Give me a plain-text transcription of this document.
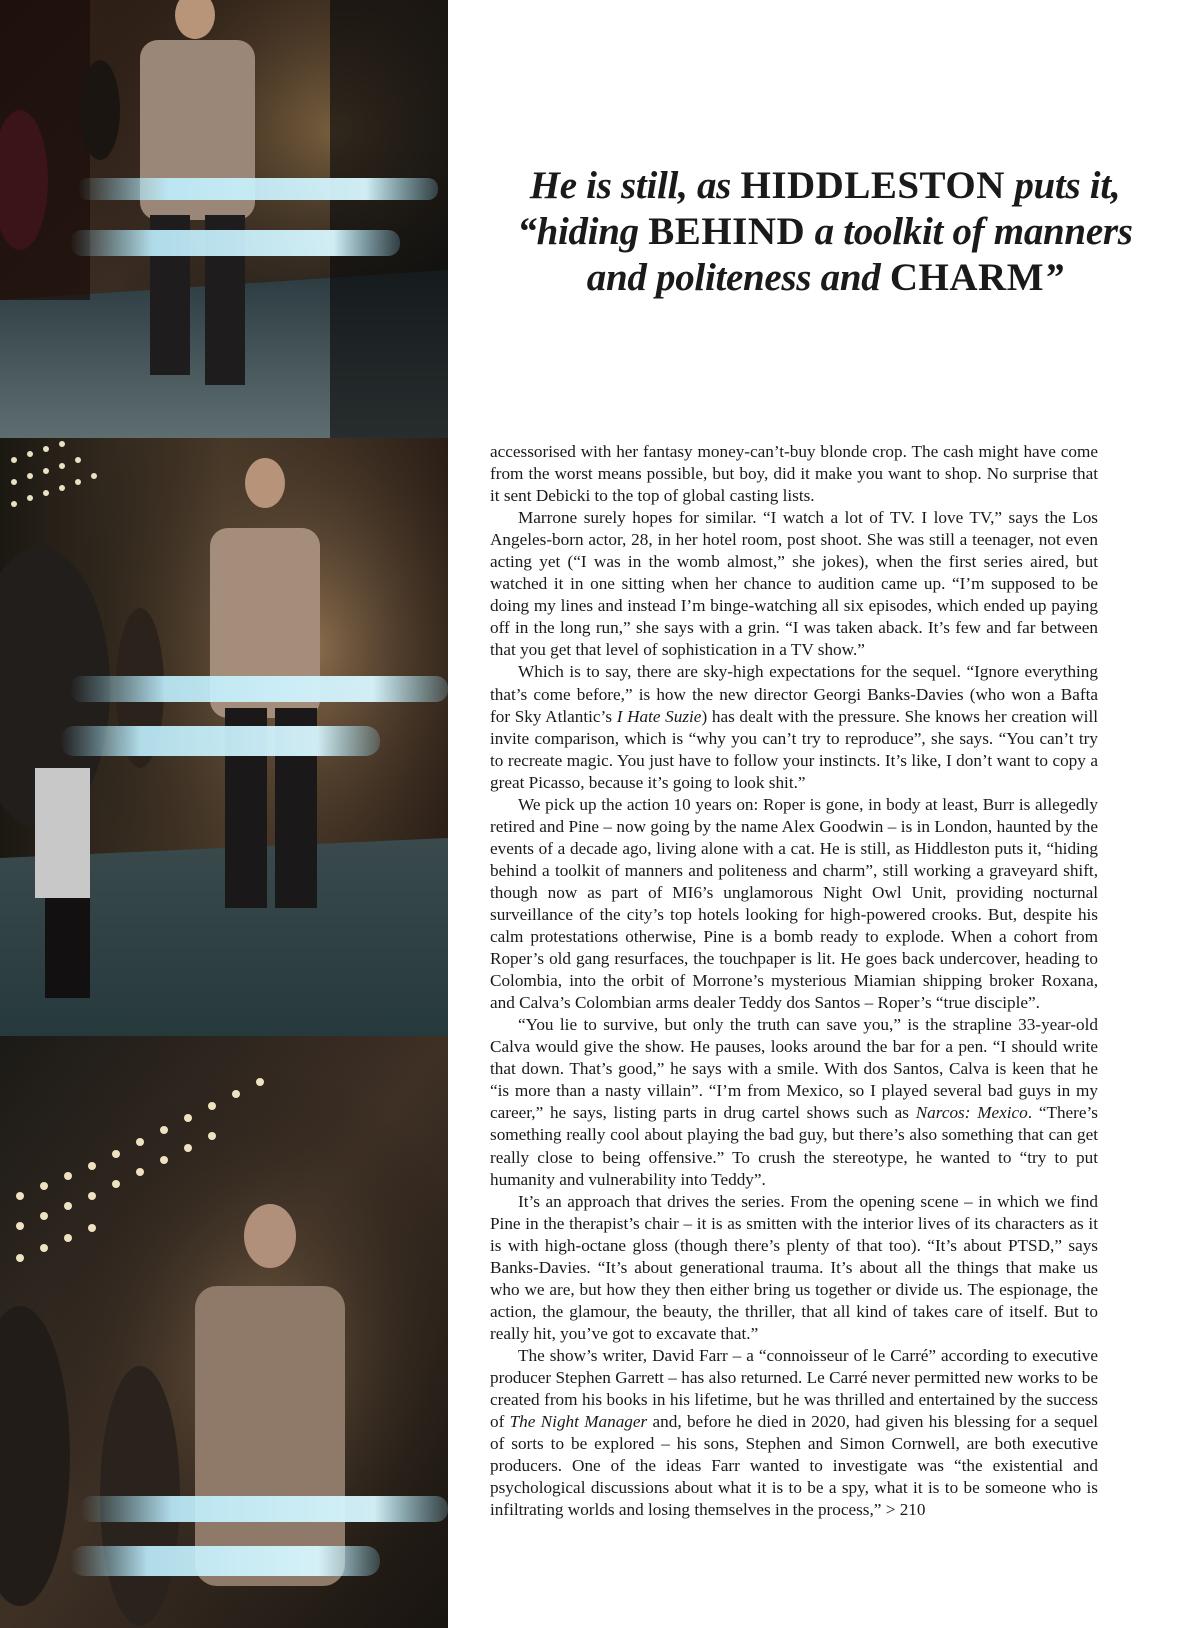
He is still, as HIDDLESTON puts it,
“hiding BEHIND a toolkit of manners
and politeness and CHARM”

accessorised with her fantasy money-can’t-buy blonde crop. The cash might have come from the worst means possible, but boy, did it make you want to shop. No surprise that it sent Debicki to the top of global casting lists.

Marrone surely hopes for similar. “I watch a lot of TV. I love TV,” says the Los Angeles-born actor, 28, in her hotel room, post shoot. She was still a teenager, not even acting yet (“I was in the womb almost,” she jokes), when the first series aired, but watched it in one sitting when her chance to audition came up. “I’m supposed to be doing my lines and instead I’m binge-watching all six episodes, which ended up paying off in the long run,” she says with a grin. “I was taken aback. It’s few and far between that you get that level of sophistication in a TV show.”

Which is to say, there are sky-high expectations for the sequel. “Ignore everything that’s come before,” is how the new director Georgi Banks-Davies (who won a Bafta for Sky Atlantic’s I Hate Suzie) has dealt with the pressure. She knows her creation will invite comparison, which is “why you can’t try to reproduce”, she says. “You can’t try to recreate magic. You just have to follow your instincts. It’s like, I don’t want to copy a great Picasso, because it’s going to look shit.”

We pick up the action 10 years on: Roper is gone, in body at least, Burr is allegedly retired and Pine – now going by the name Alex Goodwin – is in London, haunted by the events of a decade ago, living alone with a cat. He is still, as Hiddleston puts it, “hiding behind a toolkit of manners and politeness and charm”, still working a graveyard shift, though now as part of MI6’s unglamorous Night Owl Unit, providing nocturnal surveillance of the city’s top hotels looking for high-powered crooks. But, despite his calm protestations otherwise, Pine is a bomb ready to explode. When a cohort from Roper’s old gang resurfaces, the touchpaper is lit. He goes back undercover, heading to Colombia, into the orbit of Morrone’s mysterious Miamian shipping broker Roxana, and Calva’s Colombian arms dealer Teddy dos Santos – Roper’s “true disciple”.

“You lie to survive, but only the truth can save you,” is the strapline 33-year-old Calva would give the show. He pauses, looks around the bar for a pen. “I should write that down. That’s good,” he says with a smile. With dos Santos, Calva is keen that he “is more than a nasty villain”. “I’m from Mexico, so I played several bad guys in my career,” he says, listing parts in drug cartel shows such as Narcos: Mexico. “There’s something really cool about playing the bad guy, but there’s also something that can get really close to being offensive.” To crush the stereotype, he wanted to “try to put humanity and vulnerability into Teddy”.

It’s an approach that drives the series. From the opening scene – in which we find Pine in the therapist’s chair – it is as smitten with the interior lives of its characters as it is with high-octane gloss (though there’s plenty of that too). “It’s about PTSD,” says Banks-Davies. “It’s about generational trauma. It’s about all the things that make us who we are, but how they then either bring us together or divide us. The espionage, the action, the glamour, the beauty, the thriller, that all kind of takes care of itself. But to really hit, you’ve got to excavate that.”

The show’s writer, David Farr – a “connoisseur of le Carré” according to executive producer Stephen Garrett – has also returned. Le Carré never permitted new works to be created from his books in his lifetime, but he was thrilled and entertained by the success of The Night Manager and, before he died in 2020, had given his blessing for a sequel of sorts to be explored – his sons, Stephen and Simon Cornwell, are both executive producers. One of the ideas Farr wanted to investigate was “the existential and psychological discussions about what it is to be a spy, what it is to be someone who is infiltrating worlds and losing themselves in the process,” > 210
